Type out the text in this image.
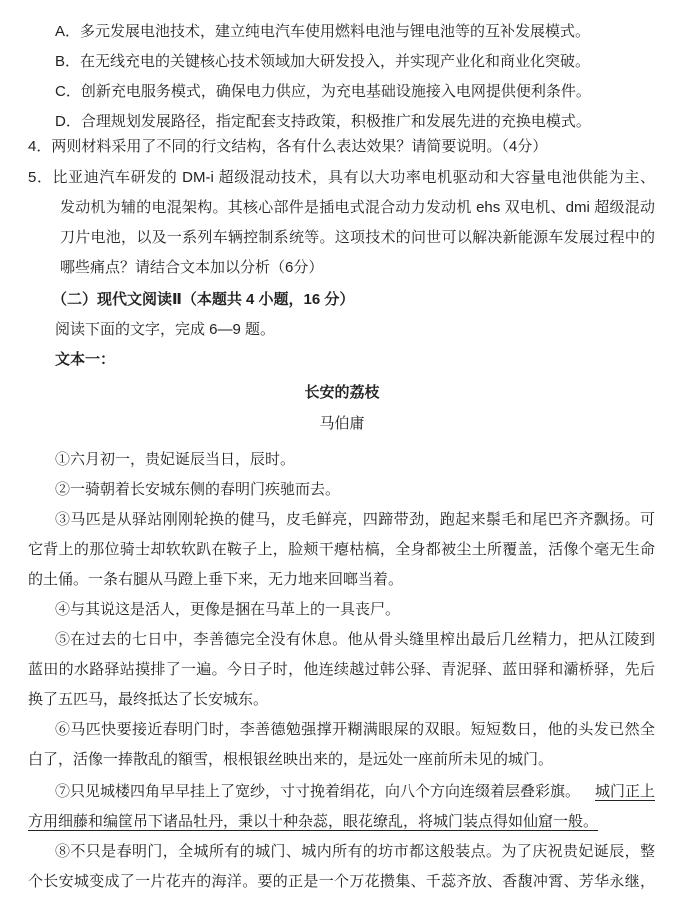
A．多元发展电池技术，建立纯电汽车使用燃料电池与锂电池等的互补发展模式。
B．在无线充电的关键核心技术领域加大研发投入，并实现产业化和商业化突破。
C．创新充电服务模式，确保电力供应，为充电基础设施接入电网提供便利条件。
D．合理规划发展路径，指定配套支持政策，积极推广和发展先进的充换电模式。
4．两则材料采用了不同的行文结构，各有什么表达效果？请简要说明。（4分）
5．比亚迪汽车研发的 DM-i 超级混动技术，具有以大功率电机驱动和大容量电池供能为主、
发动机为辅的电混架构。其核心部件是插电式混合动力发动机 ehs 双电机、dmi 超级混动
刀片电池，以及一系列车辆控制系统等。这项技术的问世可以解决新能源车发展过程中的
哪些痛点？请结合文本加以分析（6分）
（二）现代文阅读Ⅱ（本题共 4 小题，16 分）
阅读下面的文字，完成 6—9 题。
文本一：
长安的荔枝
马伯庸
①六月初一，贵妃诞辰当日，辰时。
②一骑朝着长安城东侧的春明门疾驰而去。
③马匹是从驿站刚刚轮换的健马，皮毛鲜亮，四蹄带劲，跑起来鬃毛和尾巴齐齐飘扬。可
它背上的那位骑士却软软趴在鞍子上，脸颊干瘪枯槁，全身都被尘土所覆盖，活像个毫无生命
的土俑。一条右腿从马蹬上垂下来，无力地来回啷当着。
④与其说这是活人，更像是捆在马革上的一具丧尸。
⑤在过去的七日中，李善德完全没有休息。他从骨头缝里榨出最后几丝精力，把从江陵到
蓝田的水路驿站摸排了一遍。今日子时，他连续越过韩公驿、青泥驿、蓝田驿和灞桥驿，先后
换了五匹马，最终抵达了长安城东。
⑥马匹快要接近春明门时，李善德勉强撑开糊满眼屎的双眼。短短数日，他的头发已然全
白了，活像一捧散乱的額雪，根根银丝映出来的，是远处一座前所未见的城门。
⑦只见城楼四角早早挂上了宽纱，寸寸挽着绢花，向八个方向连缀着层叠彩旗。 城门正上
方用细藤和编筐吊下诸品牡丹，秉以十种杂蕊，眼花缭乱，将城门装点得如仙窟一般。
⑧不只是春明门，全城所有的城门、城内所有的坊市都这般装点。为了庆祝贵妃诞辰，整
个长安城变成了一片花卉的海洋。要的正是一个万花攒集、千蕊齐放、香馥冲霄、芳华永继，
